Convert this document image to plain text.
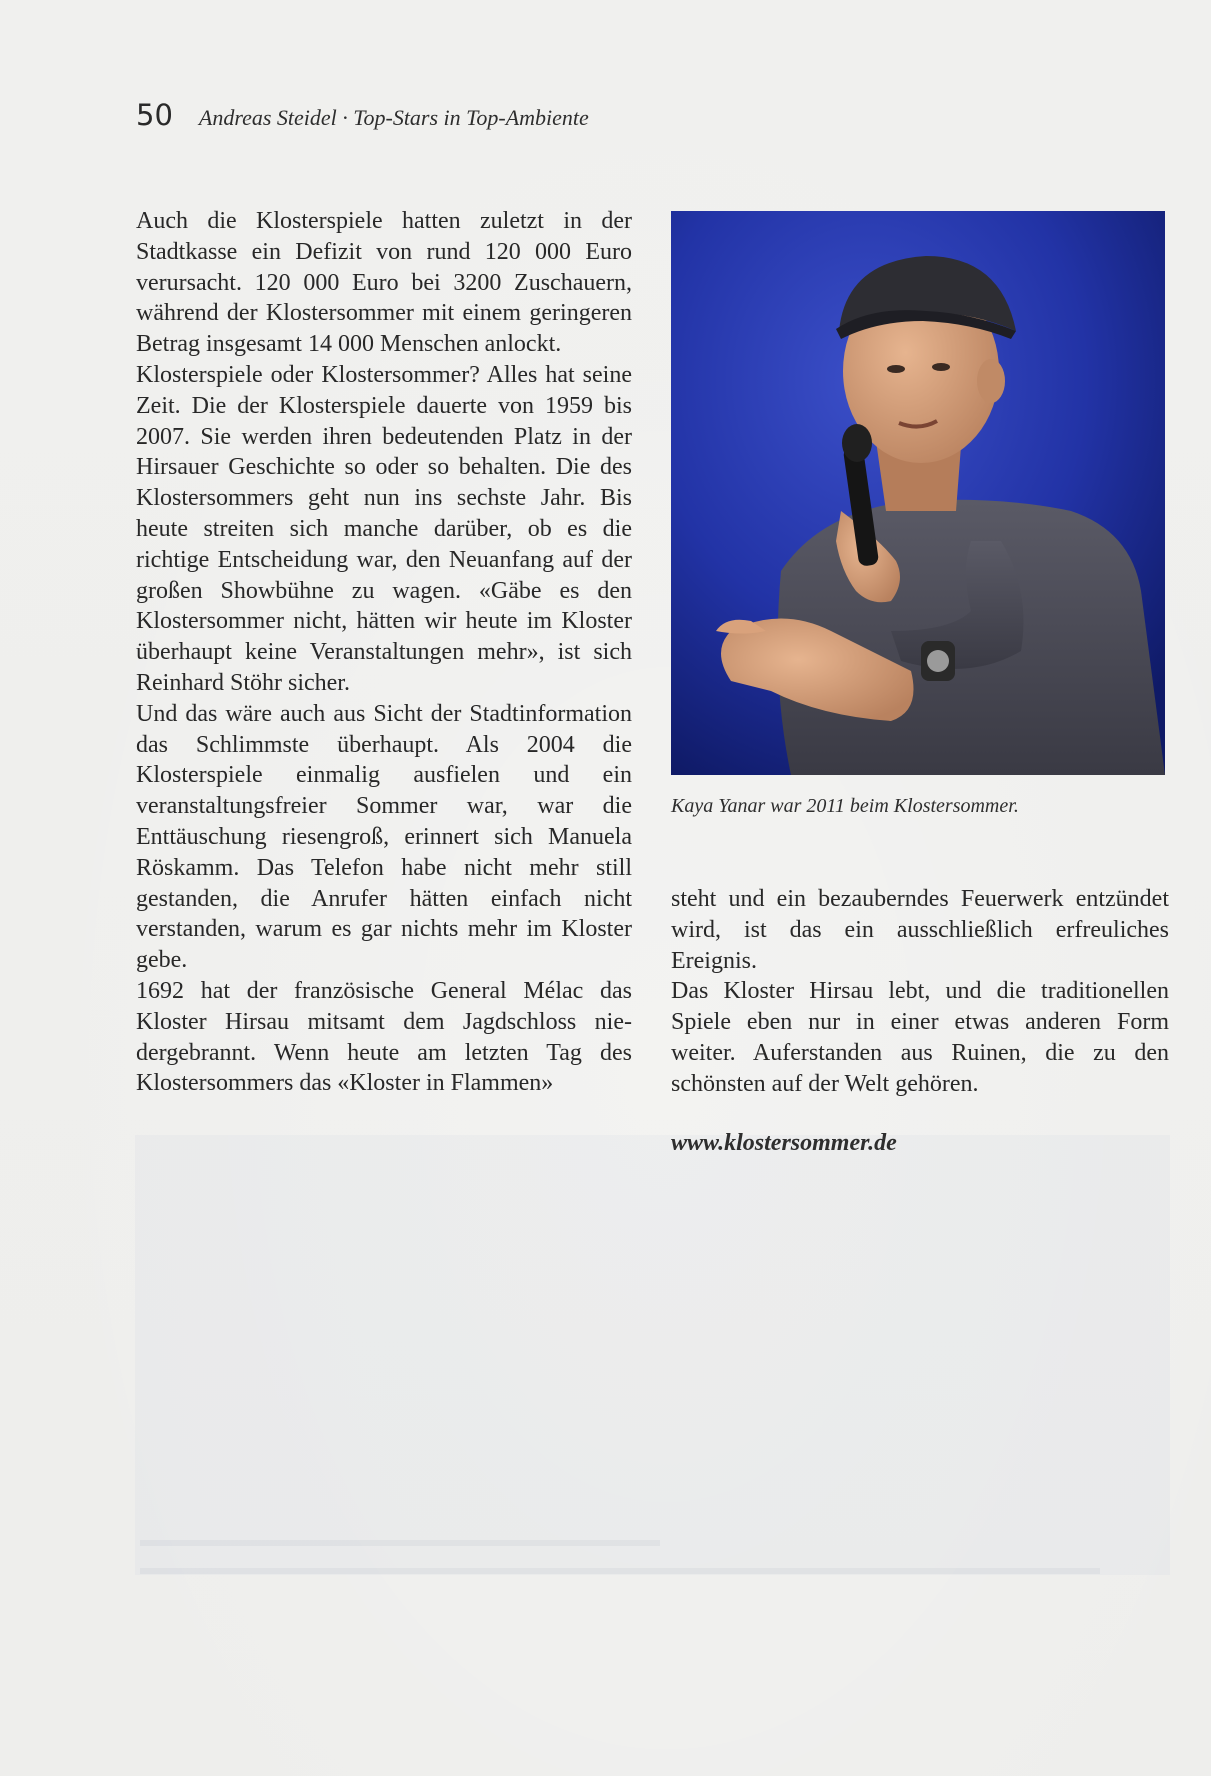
50 Andreas Steidel · Top-Stars in Top-Ambiente

Auch die Klosterspiele hatten zuletzt in der Stadtkasse ein Defizit von rund 120 000 Euro verursacht. 120 000 Euro bei 3200 Zuschauern, während der Klostersommer mit einem geringeren Betrag insgesamt 14 000 Menschen anlockt.

Klosterspiele oder Klostersommer? Alles hat seine Zeit. Die der Klosterspiele dauerte von 1959 bis 2007. Sie werden ihren bedeutenden Platz in der Hirsauer Geschichte so oder so behalten. Die des Klostersommers geht nun ins sechste Jahr. Bis heute streiten sich manche darüber, ob es die richtige Entscheidung war, den Neuanfang auf der großen Showbühne zu wagen. «Gäbe es den Klostersommer nicht, hätten wir heute im Kloster überhaupt keine Veranstaltungen mehr», ist sich Reinhard Stöhr sicher.

Und das wäre auch aus Sicht der Stadtinformation das Schlimmste überhaupt. Als 2004 die Klosterspiele einmalig ausfielen und ein veranstaltungsfreier Sommer war, war die Enttäuschung riesengroß, erinnert sich Manuela Röskamm. Das Telefon habe nicht mehr still gestanden, die Anrufer hätten einfach nicht verstanden, warum es gar nichts mehr im Kloster gebe.

1692 hat der französische General Mélac das Kloster Hirsau mitsamt dem Jagdschloss niedergebrannt. Wenn heute am letzten Tag des Klostersommers das «Kloster in Flammen»

Kaya Yanar war 2011 beim Klostersommer.

steht und ein bezauberndes Feuerwerk entzündet wird, ist das ein ausschließlich erfreuliches Ereignis.

Das Kloster Hirsau lebt, und die traditionellen Spiele eben nur in einer etwas anderen Form weiter. Auferstanden aus Ruinen, die zu den schönsten auf der Welt gehören.

www.klostersommer.de
